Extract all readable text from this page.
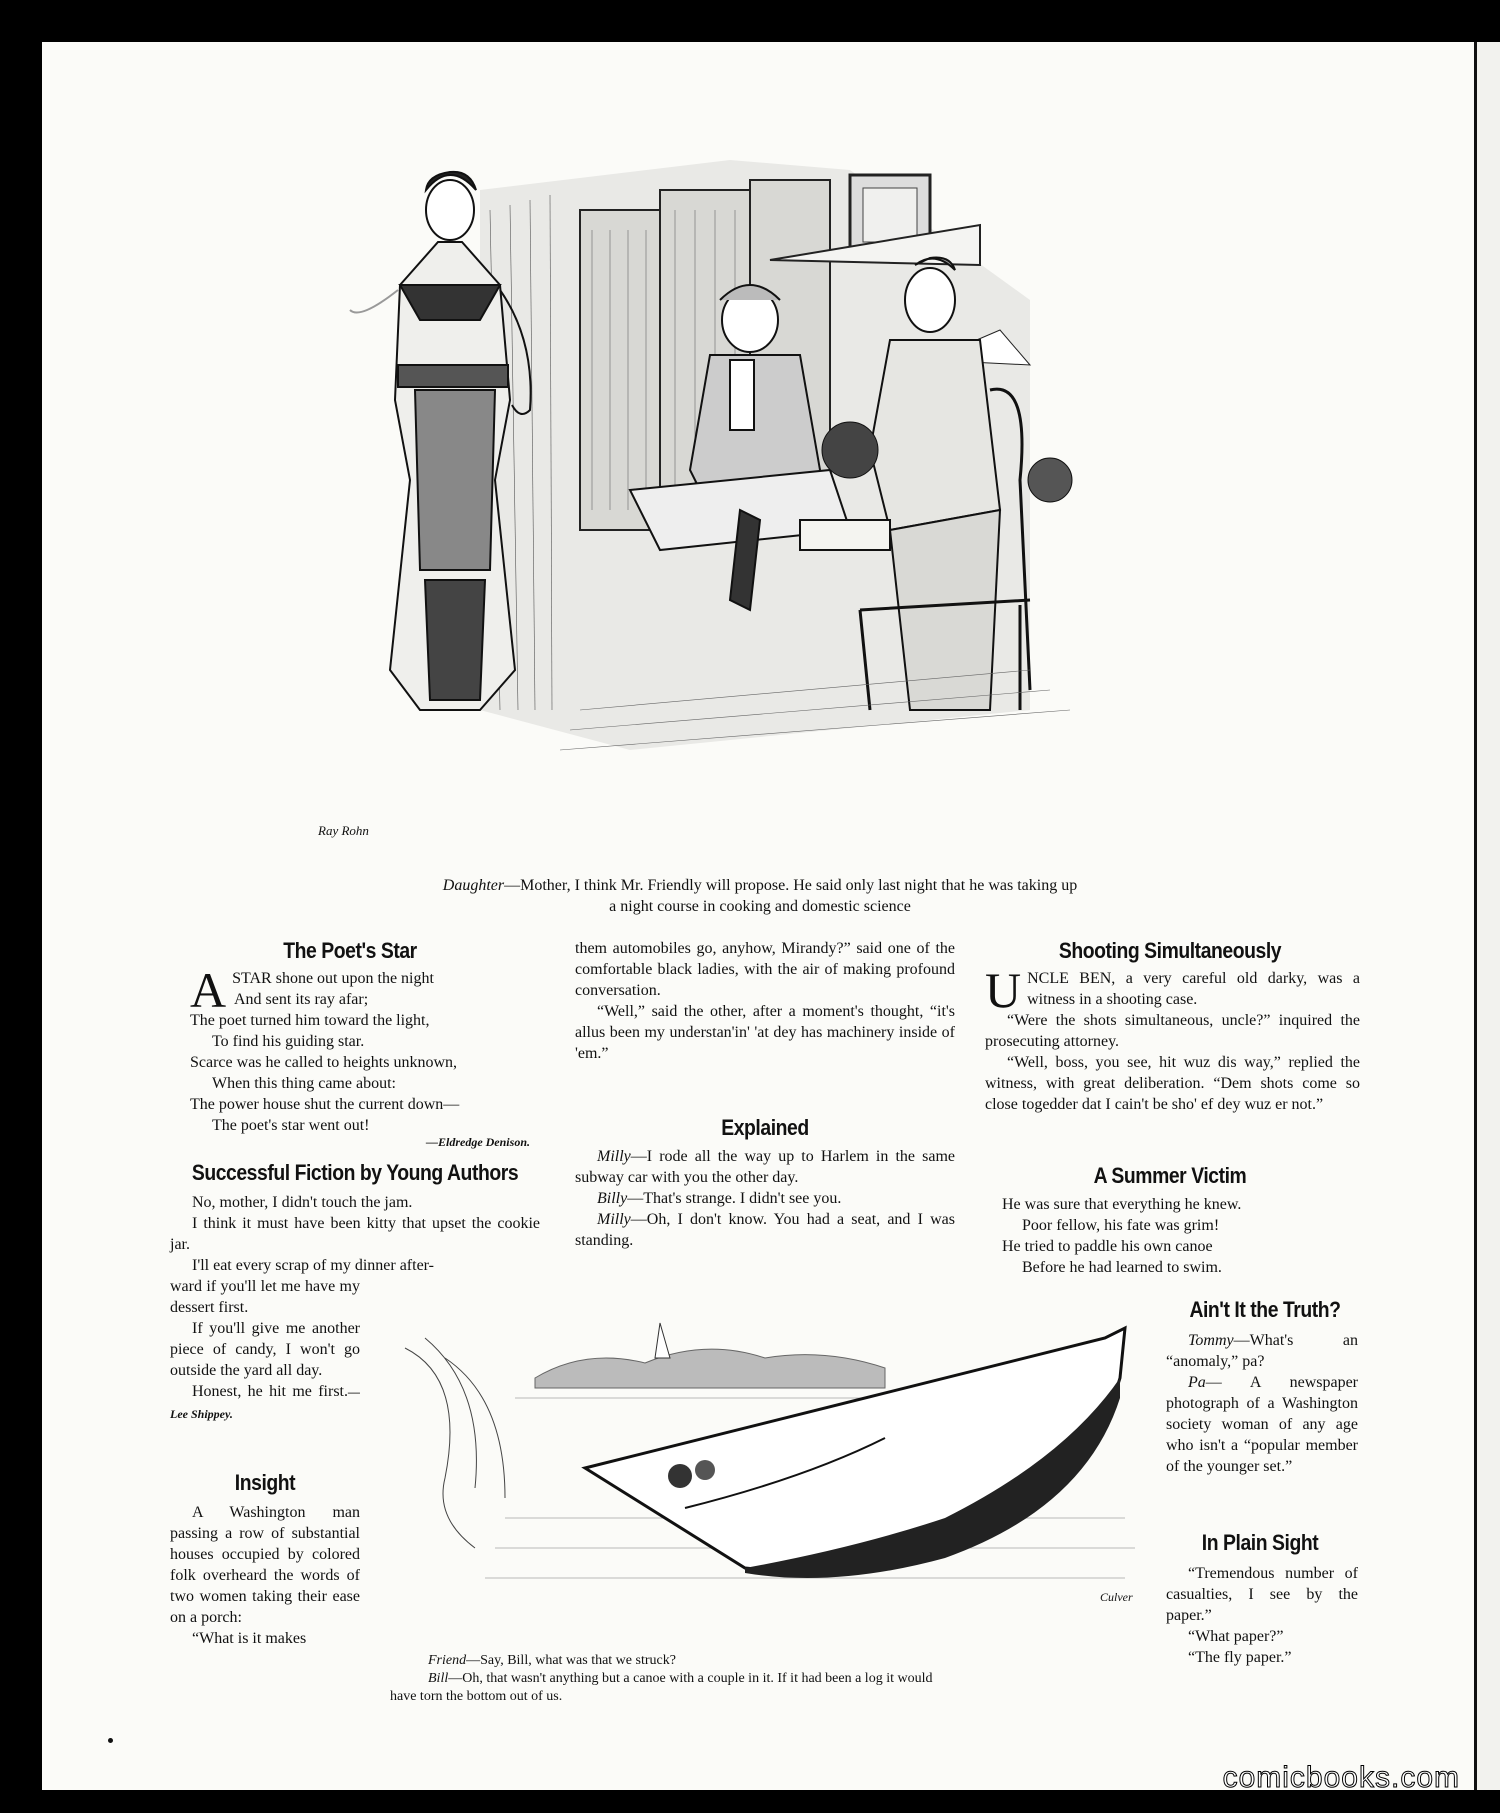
Ray Rohn
Daughter—Mother, I think Mr. Friendly will propose. He said only last night that he was taking up
a night course in cooking and domestic science
The Poet's Star
A STAR shone out upon the night
And sent its ray afar;
The poet turned him toward the light,
To find his guiding star.
Scarce was he called to heights unknown,
When this thing came about:
The power house shut the current down—
The poet's star went out!
—Eldredge Denison.
Successful Fiction by Young Authors

No, mother, I didn't touch the jam.

I think it must have been kitty that upset the cookie jar.

I'll eat every scrap of my dinner after-

ward if you'll let me have my dessert first.

If you'll give me another piece of candy, I won't go outside the yard all day.

Honest, he hit me first.—Lee Shippey.

Insight

A Washington man passing a row of substantial houses occupied by colored folk overheard the words of two women taking their ease on a porch:

“What is it makes

them automobiles go, anyhow, Mirandy?” said one of the comfortable black ladies, with the air of making profound conversation.

“Well,” said the other, after a moment's thought, “it's allus been my understan'in' 'at dey has machinery inside of 'em.”

Explained

Milly—I rode all the way up to Harlem in the same subway car with you the other day.

Billy—That's strange. I didn't see you.

Milly—Oh, I don't know. You had a seat, and I was standing.

Shooting Simultaneously

UNCLE BEN, a very careful old darky, was a witness in a shooting case.

“Were the shots simultaneous, uncle?” inquired the prosecuting attorney.

“Well, boss, you see, hit wuz dis way,” replied the witness, with great deliberation. “Dem shots come so close togedder dat I cain't be sho' ef dey wuz er not.”

A Summer Victim
He was sure that everything he knew.
Poor fellow, his fate was grim!
He tried to paddle his own canoe
Before he had learned to swim.
Ain't It the Truth?

Tommy—What's an “anomaly,” pa?

Pa— A newspaper photograph of a Washington society woman of any age who isn't a “popular member of the younger set.”

In Plain Sight

“Tremendous number of casualties, I see by the paper.”

“What paper?”

“The fly paper.”

Culver
Friend—Say, Bill, what was that we struck?
Bill—Oh, that wasn't anything but a canoe with a couple in it. If it had been a log it would
have torn the bottom out of us.
comicbooks.com
